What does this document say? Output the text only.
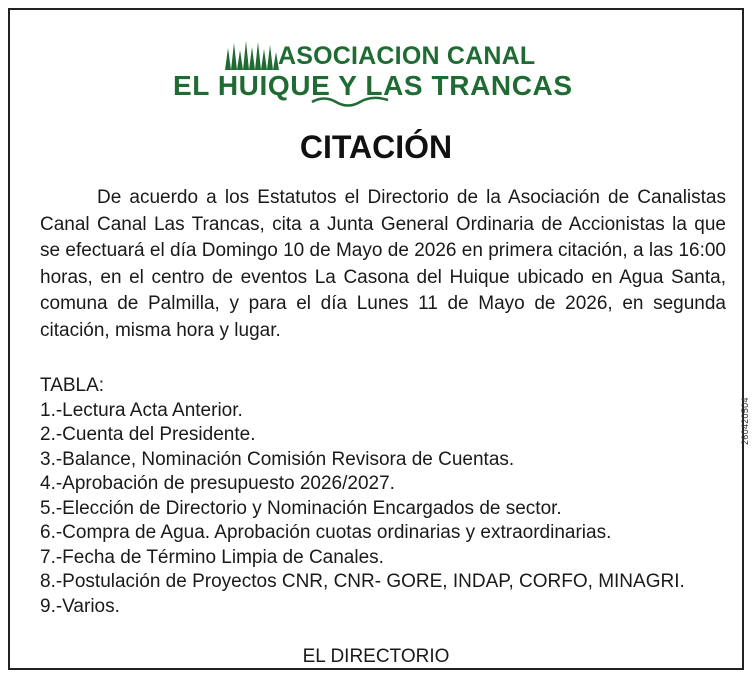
ASOCIACION CANAL
EL HUIQUE Y LAS TRANCAS
CITACIÓN

De acuerdo a los Estatutos el Directorio de la Asociación de Canalistas Canal Canal Las Trancas, cita a Junta General Ordinaria de Accionistas la que se efectuará el día Domingo 10 de Mayo de 2026 en primera citación, a las 16:00 horas, en el centro de eventos La Casona del Huique ubicado en Agua Santa, comuna de Palmilla, y para el día Lunes 11 de Mayo de 2026, en segunda citación, misma hora y lugar.

TABLA:
1.-Lectura Acta Anterior.
2.-Cuenta del Presidente.
3.-Balance, Nominación Comisión Revisora de Cuentas.
4.-Aprobación de presupuesto 2026/2027.
5.-Elección de Directorio y Nominación Encargados de sector.
6.-Compra de Agua. Aprobación cuotas ordinarias y extraordinarias.
7.-Fecha de Término Limpia de Canales.
8.-Postulación de Proyectos CNR, CNR- GORE, INDAP, CORFO, MINAGRI.
9.-Varios.
EL DIRECTORIO
260420504
